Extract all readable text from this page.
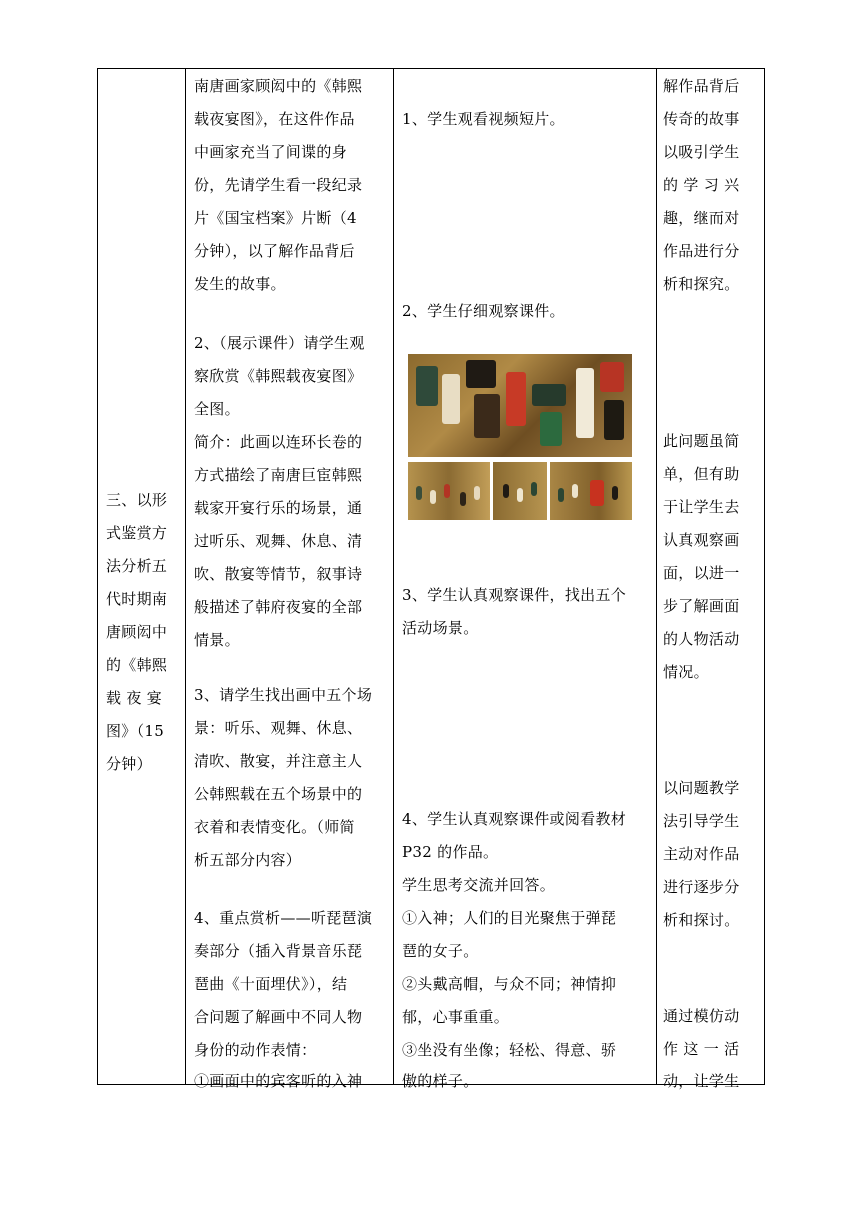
三、以形
式鉴赏方
法分析五
代时期南
唐顾闳中
的《韩熙
载 夜 宴
图》（15
分钟）

南唐画家顾闳中的《韩熙
载夜宴图》，在这件作品
中画家充当了间谍的身
份，先请学生看一段纪录
片《国宝档案》片断（4
分钟），以了解作品背后
发生的故事。
2、（展示课件）请学生观
察欣赏《韩熙载夜宴图》
全图。
简介：此画以连环长卷的
方式描绘了南唐巨宦韩熙
载家开宴行乐的场景，通
过听乐、观舞、休息、清
吹、散宴等情节，叙事诗
般描述了韩府夜宴的全部
情景。
3、请学生找出画中五个场
景：听乐、观舞、休息、
清吹、散宴，并注意主人
公韩熙载在五个场景中的
衣着和表情变化。（师简
析五部分内容）
4、重点赏析——听琵琶演
奏部分（插入背景音乐琵
琶曲《十面埋伏》），结
合问题了解画中不同人物
身份的动作表情：
①画面中的宾客听的入神

1、学生观看视频短片。
2、学生仔细观察课件。
3、学生认真观察课件，找出五个
活动场景。
4、学生认真观察课件或阅看教材
P32 的作品。
学生思考交流并回答。
①入神；人们的目光聚焦于弹琵
琶的女子。
②头戴高帽，与众不同；神情抑
郁，心事重重。
③坐没有坐像；轻松、得意、骄
傲的样子。

解作品背后
传奇的故事
以吸引学生
的 学 习 兴
趣，继而对
作品进行分
析和探究。
此问题虽简
单，但有助
于让学生去
认真观察画
面，以进一
步了解画面
的人物活动
情况。
以问题教学
法引导学生
主动对作品
进行逐步分
析和探讨。
通过模仿动
作 这 一 活
动，让学生
